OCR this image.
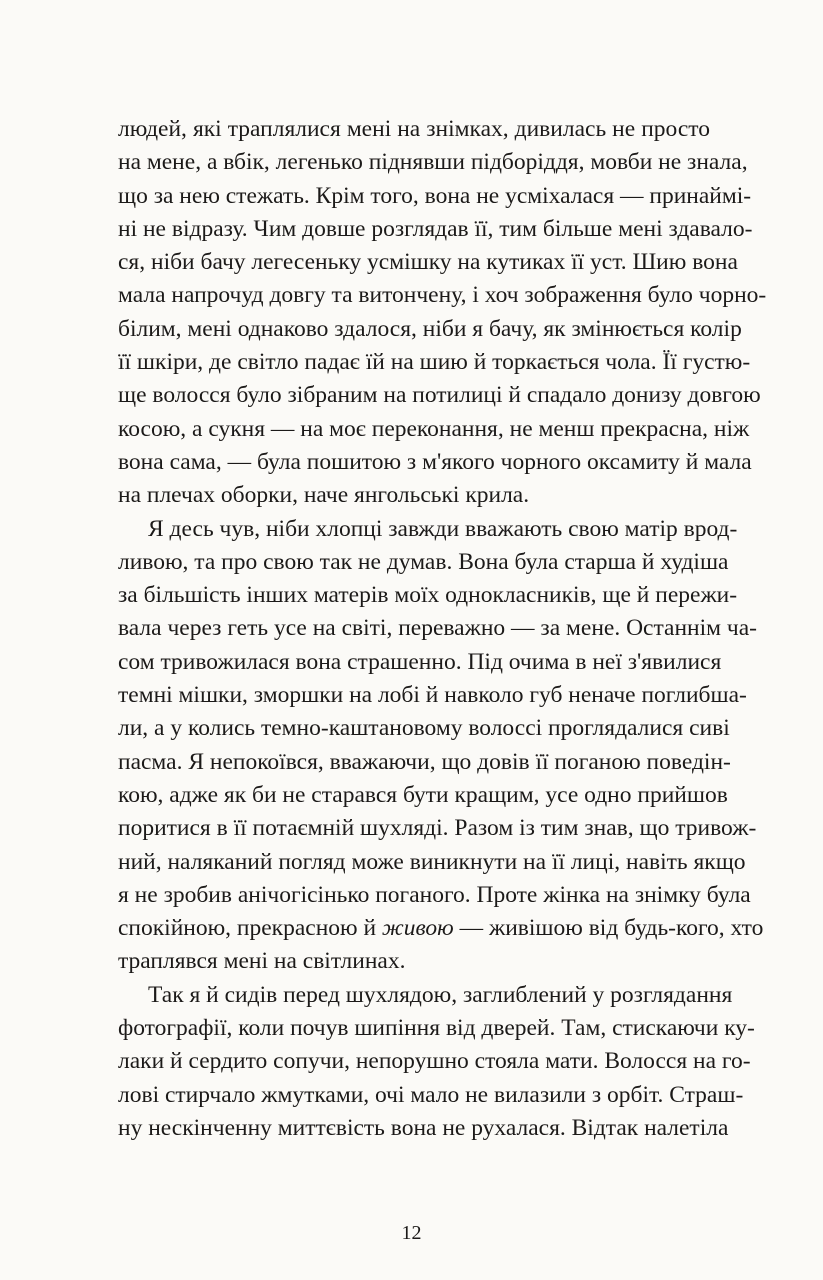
людей, які траплялися мені на знімках, дивилась не просто
на мене, а вбік, легенько піднявши підборіддя, мовби не знала,
що за нею стежать. Крім того, вона не усміхалася — принаймі-
ні не відразу. Чим довше розглядав її, тим більше мені здавало-
ся, ніби бачу легесеньку усмішку на кутиках її уст. Шию вона
мала напрочуд довгу та витончену, і хоч зображення було чорно-
білим, мені однаково здалося, ніби я бачу, як змінюється колір
її шкіри, де світло падає їй на шию й торкається чола. Її густю-
ще волосся було зібраним на потилиці й спадало донизу довгою
косою, а сукня — на моє переконання, не менш прекрасна, ніж
вона сама, — була пошитою з м'якого чорного оксамиту й мала
на плечах оборки, наче янгольські крила.
Я десь чув, ніби хлопці завжди вважають свою матір врод-
ливою, та про свою так не думав. Вона була старша й худіша
за більшість інших матерів моїх однокласників, ще й пережи-
вала через геть усе на світі, переважно — за мене. Останнім ча-
сом тривожилася вона страшенно. Під очима в неї з'явилися
темні мішки, зморшки на лобі й навколо губ неначе поглибша-
ли, а у колись темно-каштановому волоссі проглядалися сиві
пасма. Я непокоївся, вважаючи, що довів її поганою поведін-
кою, адже як би не старався бути кращим, усе одно прийшов
поритися в її потаємній шухляді. Разом із тим знав, що тривож-
ний, наляканий погляд може виникнути на її лиці, навіть якщо
я не зробив анічогісінько поганого. Проте жінка на знімку була
спокійною, прекрасною й живою — живішою від будь-кого, хто
траплявся мені на світлинах.
Так я й сидів перед шухлядою, заглиблений у розглядання
фотографії, коли почув шипіння від дверей. Там, стискаючи ку-
лаки й сердито сопучи, непорушно стояла мати. Волосся на го-
лові стирчало жмутками, очі мало не вилазили з орбіт. Страш-
ну нескінченну миттєвість вона не рухалася. Відтак налетіла
12
